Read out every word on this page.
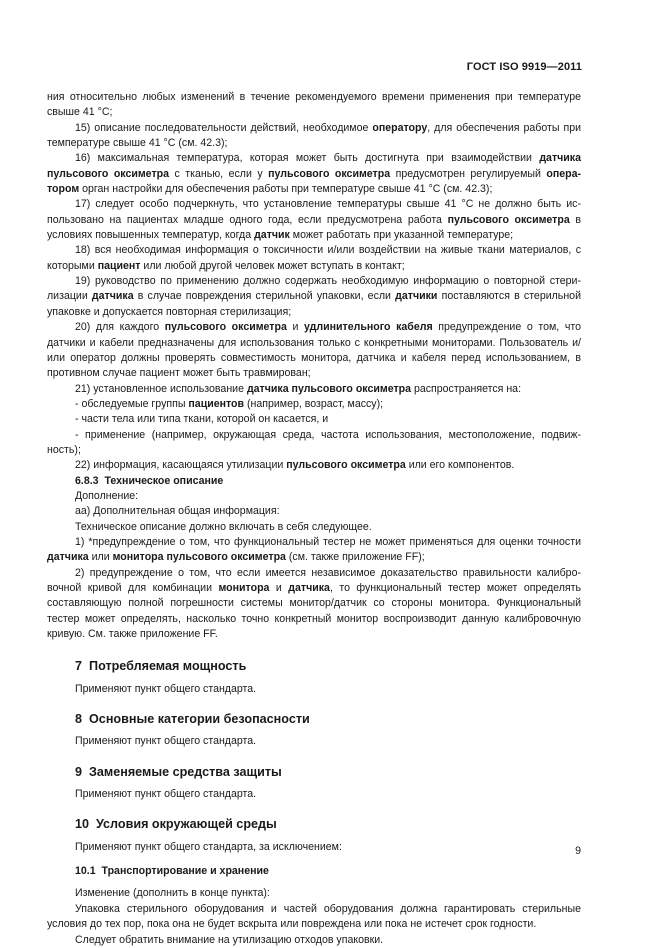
ГОСТ ISO 9919—2011

ния относительно любых изменений в течение рекомендуемого времени применения при температуре свыше 41 °С;

15) описание последовательности действий, необходимое оператору, для обеспечения работы при температуре свыше 41 °С (см. 42.3);

16) максимальная температура, которая может быть достигнута при взаимодействии датчика пульсового оксиметра с тканью, если у пульсового оксиметра предусмотрен регулируемый оператором орган настройки для обеспечения работы при температуре свыше 41 °С (см. 42.3);

17) следует особо подчеркнуть, что установление температуры свыше 41 °С не должно быть использовано на пациентах младше одного года, если предусмотрена работа пульсового оксиметра в условиях повышенных температур, когда датчик может работать при указанной температуре;

18) вся необходимая информация о токсичности и/или воздействии на живые ткани материалов, с которыми пациент или любой другой человек может вступать в контакт;

19) руководство по применению должно содержать необходимую информацию о повторной стерилизации датчика в случае повреждения стерильной упаковки, если датчики поставляются в стерильной упаковке и допускается повторная стерилизация;

20) для каждого пульсового оксиметра и удлинительного кабеля предупреждение о том, что датчики и кабели предназначены для использования только с конкретными мониторами. Пользователь и/или оператор должны проверять совместимость монитора, датчика и кабеля перед использованием, в противном случае пациент может быть травмирован;

21) установленное использование датчика пульсового оксиметра распространяется на:

- обследуемые группы пациентов (например, возраст, массу);

- части тела или типа ткани, которой он касается, и

- применение (например, окружающая среда, частота использования, местоположение, подвижность);

22) информация, касающаяся утилизации пульсового оксиметра или его компонентов.

6.8.3 Техническое описание

Дополнение:

аа) Дополнительная общая информация:

Техническое описание должно включать в себя следующее.

1) *предупреждение о том, что функциональный тестер не может применяться для оценки точности датчика или монитора пульсового оксиметра (см. также приложение FF);

2) предупреждение о том, что если имеется независимое доказательство правильности калибровочной кривой для комбинации монитора и датчика, то функциональный тестер может определять составляющую полной погрешности системы монитор/датчик со стороны монитора. Функциональный тестер может определять, насколько точно конкретный монитор воспроизводит данную калибровочную кривую. См. также приложение FF.

7 Потребляемая мощность

Применяют пункт общего стандарта.

8 Основные категории безопасности

Применяют пункт общего стандарта.

9 Заменяемые средства защиты

Применяют пункт общего стандарта.

10 Условия окружающей среды

Применяют пункт общего стандарта, за исключением:

10.1 Транспортирование и хранение

Изменение (дополнить в конце пункта):

Упаковка стерильного оборудования и частей оборудования должна гарантировать стерильные условия до тех пор, пока она не будет вскрыта или повреждена или пока не истечет срок годности.

Следует обратить внимание на утилизацию отходов упаковки.

9
